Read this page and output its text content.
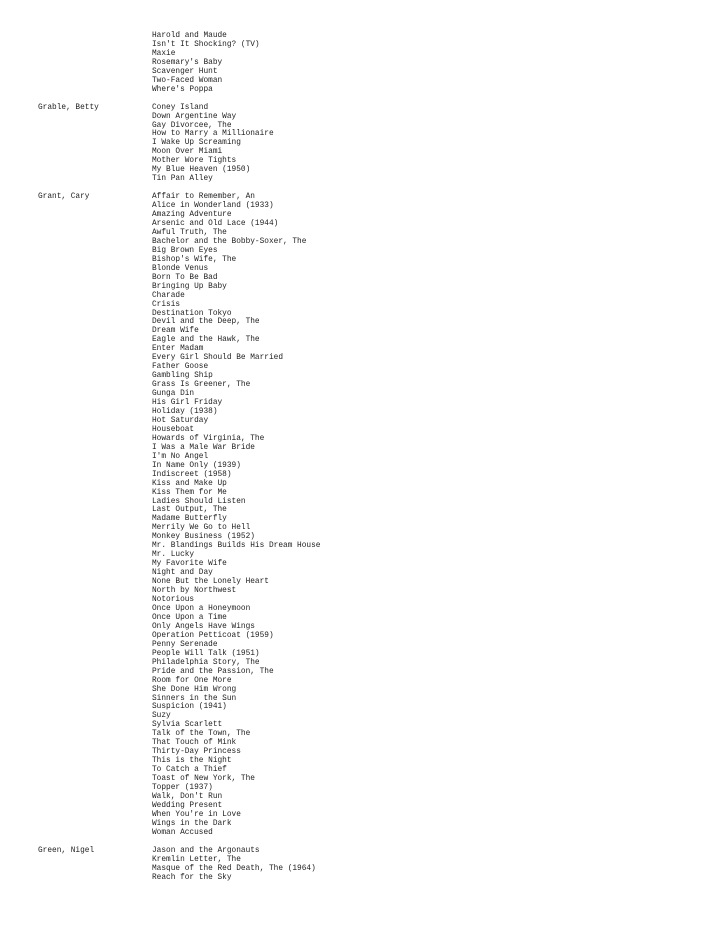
Harold and Maude
Isn't It Shocking? (TV)
Maxie
Rosemary's Baby
Scavenger Hunt
Two-Faced Woman
Where's Poppa
Grable, Betty	Coney Island
Down Argentine Way
Gay Divorcee, The
How to Marry a Millionaire
I Wake Up Screaming
Moon Over Miami
Mother Wore Tights
My Blue Heaven (1950)
Tin Pan Alley
Grant, Cary	Affair to Remember, An
Alice in Wonderland (1933)
Amazing Adventure
Arsenic and Old Lace (1944)
Awful Truth, The
Bachelor and the Bobby-Soxer, The
Big Brown Eyes
Bishop's Wife, The
Blonde Venus
Born To Be Bad
Bringing Up Baby
Charade
Crisis
Destination Tokyo
Devil and the Deep, The
Dream Wife
Eagle and the Hawk, The
Enter Madam
Every Girl Should Be Married
Father Goose
Gambling Ship
Grass Is Greener, The
Gunga Din
His Girl Friday
Holiday (1938)
Hot Saturday
Houseboat
Howards of Virginia, The
I Was a Male War Bride
I'm No Angel
In Name Only (1939)
Indiscreet (1958)
Kiss and Make Up
Kiss Them for Me
Ladies Should Listen
Last Output, The
Madame Butterfly
Merrily We Go to Hell
Monkey Business (1952)
Mr. Blandings Builds His Dream House
Mr. Lucky
My Favorite Wife
Night and Day
None But the Lonely Heart
North by Northwest
Notorious
Once Upon a Honeymoon
Once Upon a Time
Only Angels Have Wings
Operation Petticoat (1959)
Penny Serenade
People Will Talk (1951)
Philadelphia Story, The
Pride and the Passion, The
Room for One More
She Done Him Wrong
Sinners in the Sun
Suspicion (1941)
Suzy
Sylvia Scarlett
Talk of the Town, The
That Touch of Mink
Thirty-Day Princess
This is the Night
To Catch a Thief
Toast of New York, The
Topper (1937)
Walk, Don't Run
Wedding Present
When You're in Love
Wings in the Dark
Woman Accused
Green, Nigel	Jason and the Argonauts
Kremlin Letter, The
Masque of the Red Death, The (1964)
Reach for the Sky
